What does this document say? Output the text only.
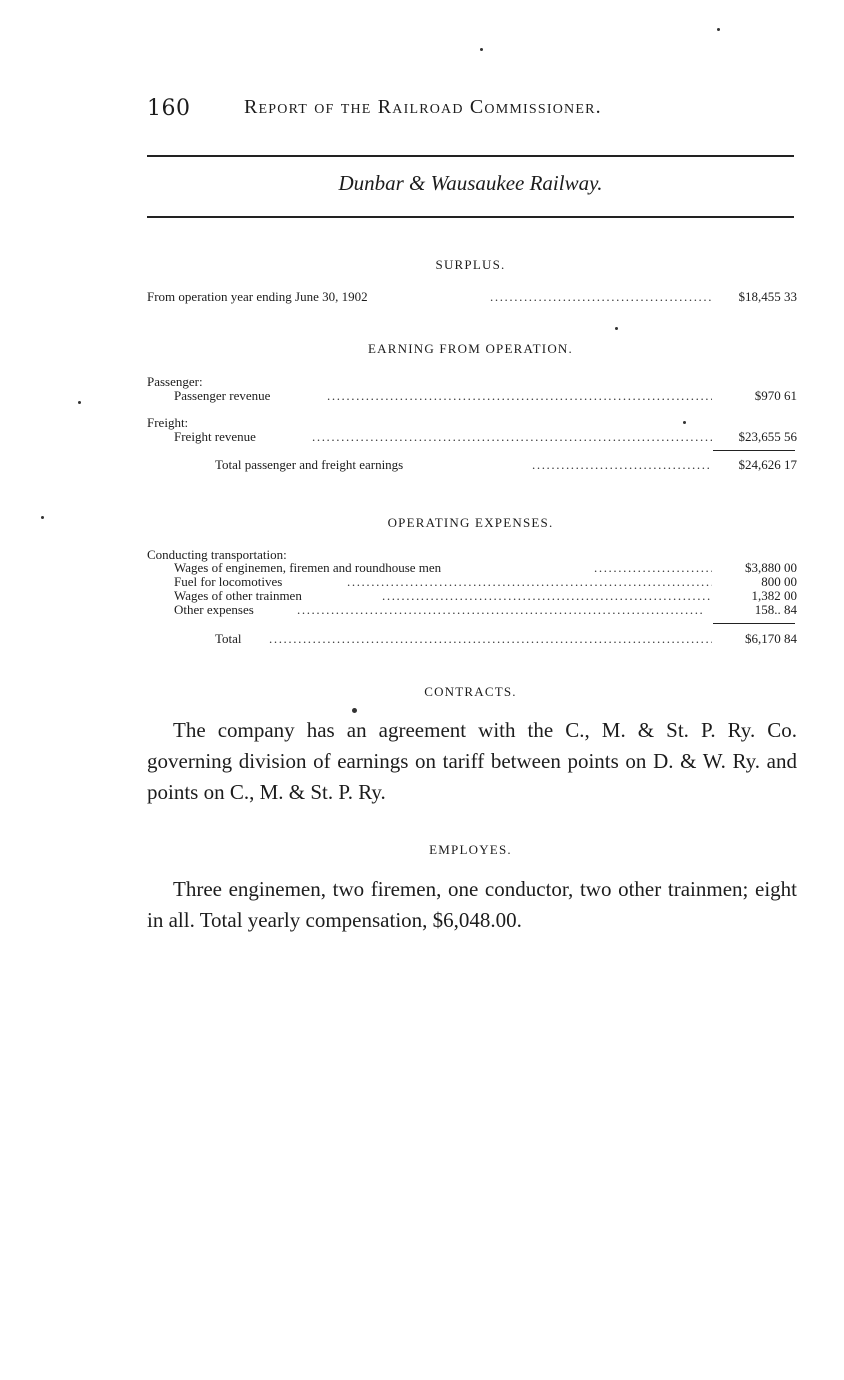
160	Report of the Railroad Commissioner.
Dunbar & Wausaukee Railway.
SURPLUS.
From operation year ending June 30, 1902 .....	$18,455 33
EARNING FROM OPERATION.
Passenger:
Passenger revenue .....	$970 61
Freight:
Freight revenue .....	$23,655 56
Total passenger and freight earnings .....	$24,626 17
OPERATING EXPENSES.
Conducting transportation:
Wages of enginemen, firemen and roundhouse men .....	$3,880 00
Fuel for locomotives .....	800 00
Wages of other trainmen .....	1,382 00
Other expenses .....	158.. 84
Total .....	$6,170 84
CONTRACTS.
The company has an agreement with the C., M. & St. P. Ry. Co. governing division of earnings on tariff between points on D. & W. Ry. and points on C., M. & St. P. Ry.
EMPLOYES.
Three enginemen, two firemen, one conductor, two other trainmen; eight in all. Total yearly compensation, $6,048.00.
